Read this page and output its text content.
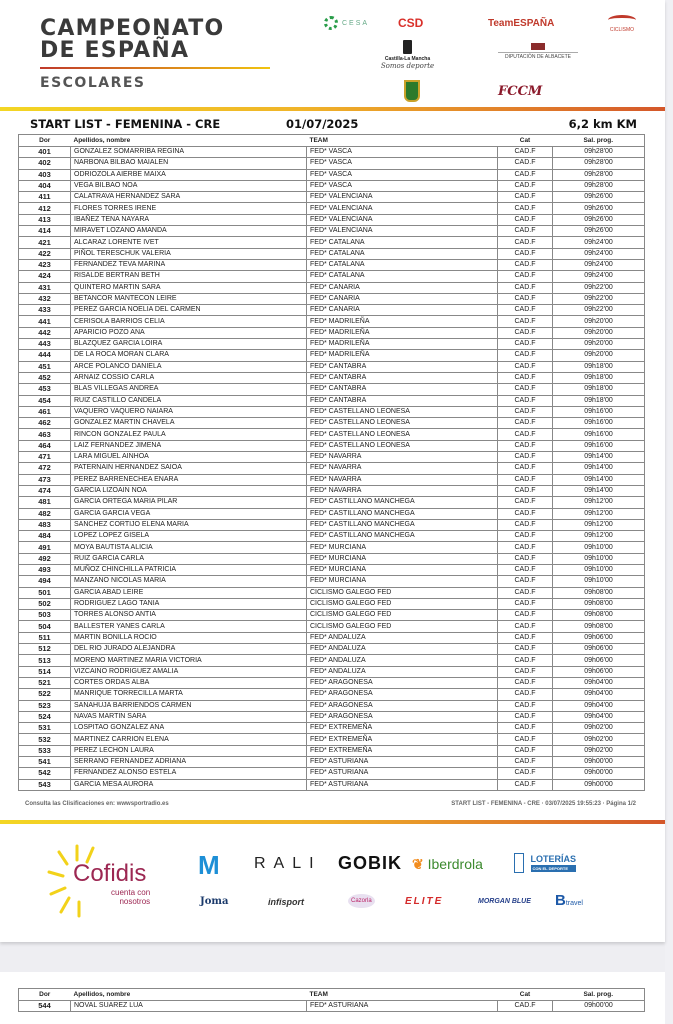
CAMPEONATO
DE ESPAÑA
ESCOLARES
CESA CSD	TeamESPAÑA
CICLISMO
Castilla-La Mancha
Somos deporte
DIPUTACIÓN DE ALBACETE
FCCM
START LIST - FEMENINA - CRE	01/07/2025	6,2 km KM
Dor	Apellidos, nombre	TEAM	Cat	Sal. prog.
401	GONZALEZ SOMARRIBA REGINA	FED* VASCA	CAD.F	09h28'00
402	NARBONA BILBAO MAIALEN	FED* VASCA	CAD.F	09h28'00
403	ODRIOZOLA AIERBE MAIXA	FED* VASCA	CAD.F	09h28'00
404	VEGA BILBAO NOA	FED* VASCA	CAD.F	09h28'00
411	CALATRAVA HERNANDEZ SARA	FED* VALENCIANA	CAD.F	09h26'00
412	FLORES TORRES IRENE	FED* VALENCIANA	CAD.F	09h26'00
413	IBAÑEZ TENA NAYARA	FED* VALENCIANA	CAD.F	09h26'00
414	MIRAVET LOZANO AMANDA	FED* VALENCIANA	CAD.F	09h26'00
421	ALCARAZ LORENTE IVET	FED* CATALANA	CAD.F	09h24'00
422	PIÑOL TERESCHUK VALERIA	FED* CATALANA	CAD.F	09h24'00
423	FERNANDEZ TEVA MARINA	FED* CATALANA	CAD.F	09h24'00
424	RISALDE BERTRAN BETH	FED* CATALANA	CAD.F	09h24'00
431	QUINTERO MARTIN SARA	FED* CANARIA	CAD.F	09h22'00
432	BETANCOR MANTECON LEIRE	FED* CANARIA	CAD.F	09h22'00
433	PEREZ GARCIA NOELIA DEL CARMEN	FED* CANARIA	CAD.F	09h22'00
441	CERISOLA BARRIOS CELIA	FED* MADRILEÑA	CAD.F	09h20'00
442	APARICIO POZO ANA	FED* MADRILEÑA	CAD.F	09h20'00
443	BLAZQUEZ GARCIA LOIRA	FED* MADRILEÑA	CAD.F	09h20'00
444	DE LA ROCA MORAN CLARA	FED* MADRILEÑA	CAD.F	09h20'00
451	ARCE POLANCO DANIELA	FED* CANTABRA	CAD.F	09h18'00
452	ARNAIZ COSSIO CARLA	FED* CANTABRA	CAD.F	09h18'00
453	BLAS VILLEGAS ANDREA	FED* CANTABRA	CAD.F	09h18'00
454	RUIZ CASTILLO CANDELA	FED* CANTABRA	CAD.F	09h18'00
461	VAQUERO VAQUERO NAIARA	FED* CASTELLANO LEONESA	CAD.F	09h16'00
462	GONZALEZ MARTIN CHAVELA	FED* CASTELLANO LEONESA	CAD.F	09h16'00
463	RINCON GONZALEZ PAULA	FED* CASTELLANO LEONESA	CAD.F	09h16'00
464	LAIZ FERNANDEZ JIMENA	FED* CASTELLANO LEONESA	CAD.F	09h16'00
471	LARA MIGUEL AINHOA	FED* NAVARRA	CAD.F	09h14'00
472	PATERNAIN HERNANDEZ SAIOA	FED* NAVARRA	CAD.F	09h14'00
473	PEREZ BARRENECHEA ENARA	FED* NAVARRA	CAD.F	09h14'00
474	GARCIA LIZOAIN NOA	FED* NAVARRA	CAD.F	09h14'00
481	GARCIA ORTEGA MARIA PILAR	FED* CASTILLANO MANCHEGA	CAD.F	09h12'00
482	GARCIA GARCIA VEGA	FED* CASTILLANO MANCHEGA	CAD.F	09h12'00
483	SANCHEZ CORTIJO ELENA MARIA	FED* CASTILLANO MANCHEGA	CAD.F	09h12'00
484	LOPEZ LOPEZ GISELA	FED* CASTILLANO MANCHEGA	CAD.F	09h12'00
491	MOYA BAUTISTA ALICIA	FED* MURCIANA	CAD.F	09h10'00
492	RUIZ GARCIA CARLA	FED* MURCIANA	CAD.F	09h10'00
493	MUÑOZ CHINCHILLA PATRICIA	FED* MURCIANA	CAD.F	09h10'00
494	MANZANO NICOLAS MARIA	FED* MURCIANA	CAD.F	09h10'00
501	GARCIA ABAD LEIRE	CICLISMO GALEGO FED	CAD.F	09h08'00
502	RODRIGUEZ LAGO TANIA	CICLISMO GALEGO FED	CAD.F	09h08'00
503	TORRES ALONSO ANTIA	CICLISMO GALEGO FED	CAD.F	09h08'00
504	BALLESTER YANES CARLA	CICLISMO GALEGO FED	CAD.F	09h08'00
511	MARTIN BONILLA ROCIO	FED* ANDALUZA	CAD.F	09h06'00
512	DEL RIO JURADO ALEJANDRA	FED* ANDALUZA	CAD.F	09h06'00
513	MORENO MARTINEZ MARIA VICTORIA	FED* ANDALUZA	CAD.F	09h06'00
514	VIZCAINO RODRIGUEZ AMALIA	FED* ANDALUZA	CAD.F	09h06'00
521	CORTES ORDAS ALBA	FED* ARAGONESA	CAD.F	09h04'00
522	MANRIQUE TORRECILLA MARTA	FED* ARAGONESA	CAD.F	09h04'00
523	SANAHUJA BARRIENDOS CARMEN	FED* ARAGONESA	CAD.F	09h04'00
524	NAVAS MARTIN SARA	FED* ARAGONESA	CAD.F	09h04'00
531	LOSPITAO GONZALEZ ANA	FED* EXTREMEÑA	CAD.F	09h02'00
532	MARTINEZ CARRION ELENA	FED* EXTREMEÑA	CAD.F	09h02'00
533	PEREZ LECHON LAURA	FED* EXTREMEÑA	CAD.F	09h02'00
541	SERRANO FERNANDEZ ADRIANA	FED* ASTURIANA	CAD.F	09h00'00
542	FERNANDEZ ALONSO ESTELA	FED* ASTURIANA	CAD.F	09h00'00
543	GARCIA MESA AURORA	FED* ASTURIANA	CAD.F	09h00'00
Consulta las Clisificaciones en: wwwsportradio.es	START LIST - FEMENINA - CRE · 03/07/2025 19:55:23 · Página 1/2
Cofidis
cuenta con
nosotros
M RALI GOBIK ❦ Iberdrola	LOTERÍAS
CON EL DEPORTE
Joma	infisport	Cazorla	ELITE	MORGAN BLUE Btravel
Dor	Apellidos, nombre	TEAM	Cat	Sal. prog.
544	NOVAL SUAREZ LUA	FED* ASTURIANA	CAD.F	09h00'00
